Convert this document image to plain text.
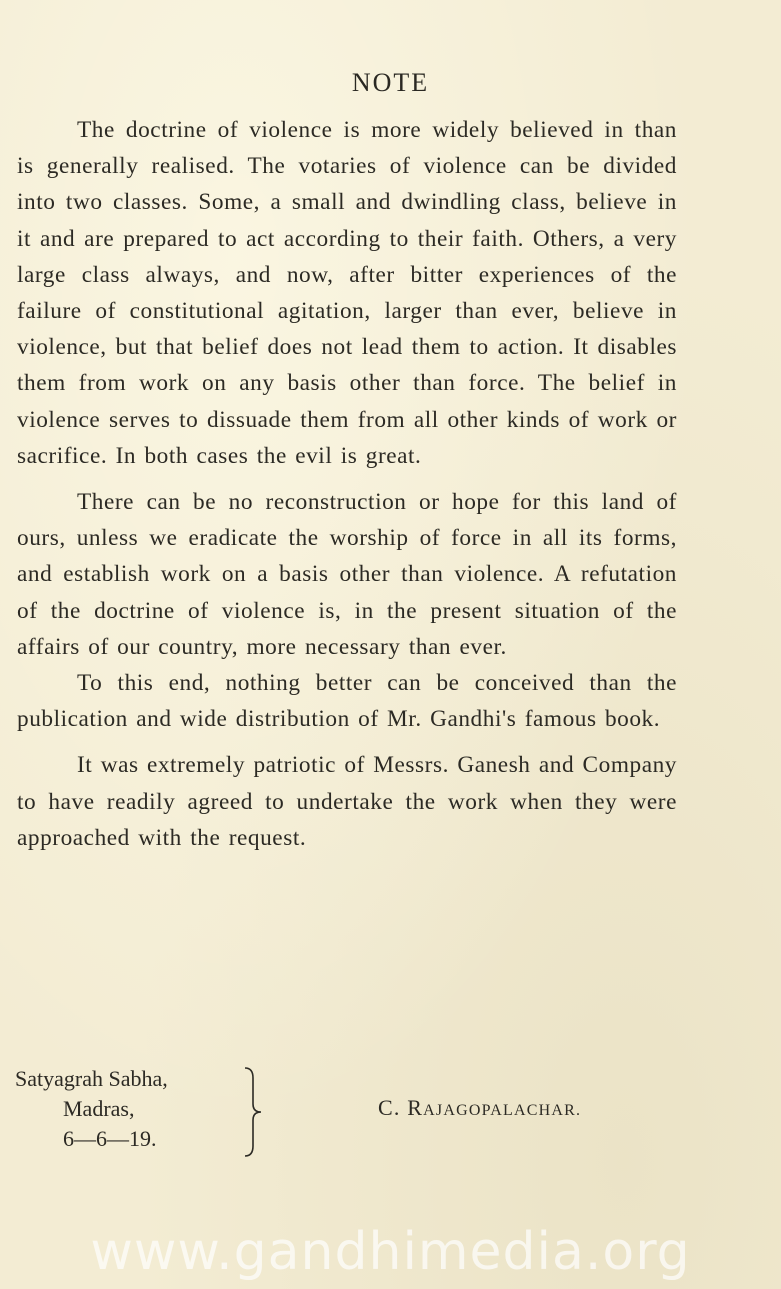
NOTE

The doctrine of violence is more widely believed in than is generally realised. The votaries of violence can be divided into two classes. Some, a small and dwindling class, believe in it and are prepared to act according to their faith. Others, a very large class always, and now, after bitter experiences of the failure of constitutional agitation, larger than ever, believe in violence, but that belief does not lead them to action. It disables them from work on any basis other than force. The belief in violence serves to dissuade them from all other kinds of work or sacrifice. In both cases the evil is great.

There can be no reconstruction or hope for this land of ours, unless we eradicate the worship of force in all its forms, and establish work on a basis other than violence. A refutation of the doctrine of violence is, in the present situation of the affairs of our country, more necessary than ever.

To this end, nothing better can be conceived than the publication and wide distribution of Mr. Gandhi's famous book.

It was extremely patriotic of Messrs. Ganesh and Company to have readily agreed to undertake the work when they were approached with the request.

Satyagrah Sabha,
Madras,
6—6—19.
C. RAJAGOPALACHAR.
www.gandhimedia.org
